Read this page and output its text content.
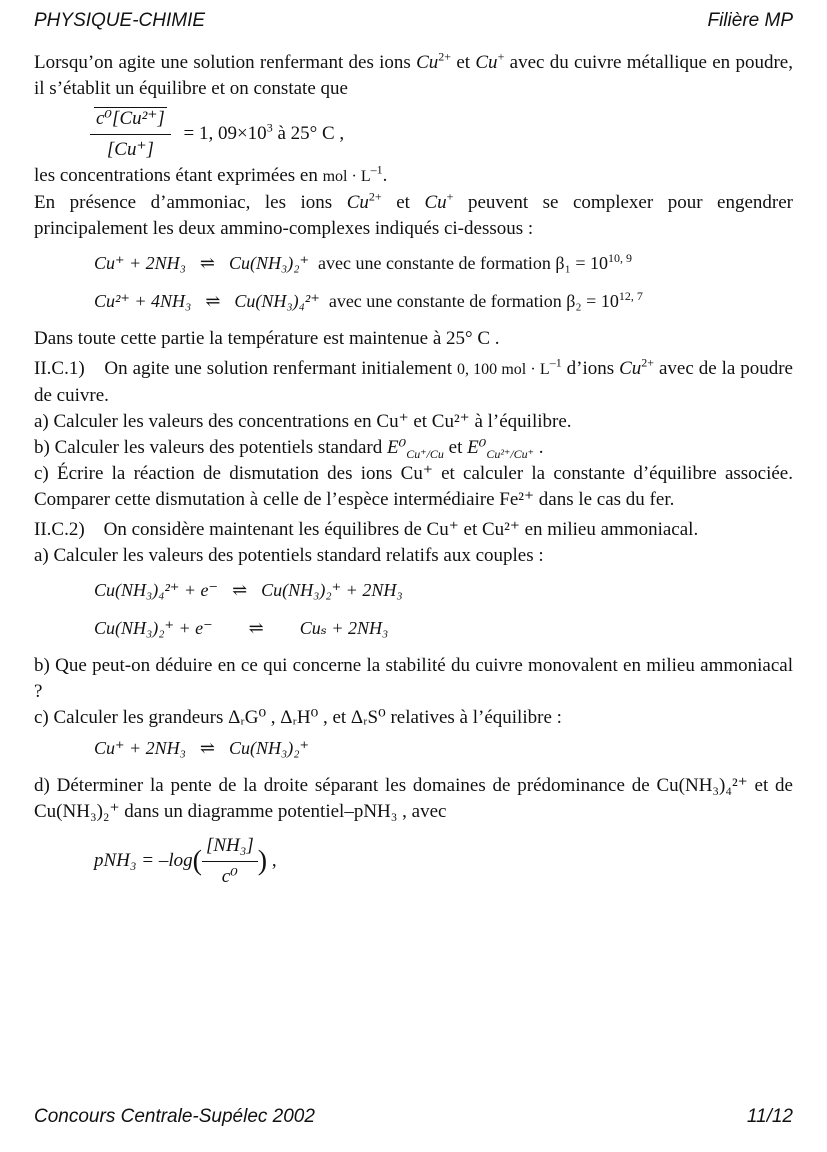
PHYSIQUE-CHIMIE	Filière MP

Lorsqu’on agite une solution renfermant des ions $Cu^{2+}$ et Cu+ avec du cuivre métallique en poudre, il s’établit un équilibre et on constate que

$\frac{\text{c⁰[Cu²⁺]}}{[Cu^+]} = 1$, $09\times 10^3$ à 25° C ,

les concentrations étant exprimées en mol · $L^{-1}$.

En présence d’ammoniac, les ions $Cu^{2+}$ et Cu+ peuvent se complexer pour engendrer principalement les deux ammino-complexes indiqués ci-dessous :

Cu⁺ + 2NH₃ ⇌ Cu(NH₃)₂⁺ avec une constante de formation $\beta_1 = 10^{10, 9}$
Cu²⁺ + 4NH₃ ⇌ Cu(NH₃)₄²⁺ avec une constante de formation $\beta_2 = 10^{12, 7}$

Dans toute cette partie la température est maintenue à 25° C .

II.C.1) On agite une solution renfermant initialement 0, 100 mol · $L^{-1}$ d’ions $Cu^{2+}$ avec de la poudre de cuivre.

a) Calculer les valeurs des concentrations en Cu⁺ et Cu²⁺ à l’équilibre.

b) Calculer les valeurs des potentiels standard $E^0_{Cu^+/Cu}$ et $E^0_{Cu^{2+}/Cu^+}$ .

c) Écrire la réaction de dismutation des ions Cu⁺ et calculer la constante d’équilibre associée. Comparer cette dismutation à celle de l’espèce intermédiaire Fe²⁺ dans le cas du fer.

II.C.2) On considère maintenant les équilibres de Cu⁺ et Cu²⁺ en milieu ammoniacal.

a) Calculer les valeurs des potentiels standard relatifs aux couples :

Cu(NH₃)₄²⁺ + e⁻ ⇌ Cu(NH₃)₂⁺ + 2NH₃
Cu(NH₃)₂⁺ + e⁻ ⇌ Cuₛ + 2NH₃

b) Que peut-on déduire en ce qui concerne la stabilité du cuivre monovalent en milieu ammoniacal ?

c) Calculer les grandeurs ΔᵣG⁰ , ΔᵣH⁰ , et ΔᵣS⁰ relatives à l’équilibre :

Cu⁺ + 2NH₃ ⇌ Cu(NH₃)₂⁺

d) Déterminer la pente de la droite séparant les domaines de prédominance de Cu(NH₃)₄²⁺ et de Cu(NH₃)₂⁺ dans un diagramme potentiel–pNH₃ , avec

$pNH_3 = -\log( \frac{\text{[NH₃]}}{\text{c⁰}}$ ) ,
Concours Centrale-Supélec 2002	11/12
